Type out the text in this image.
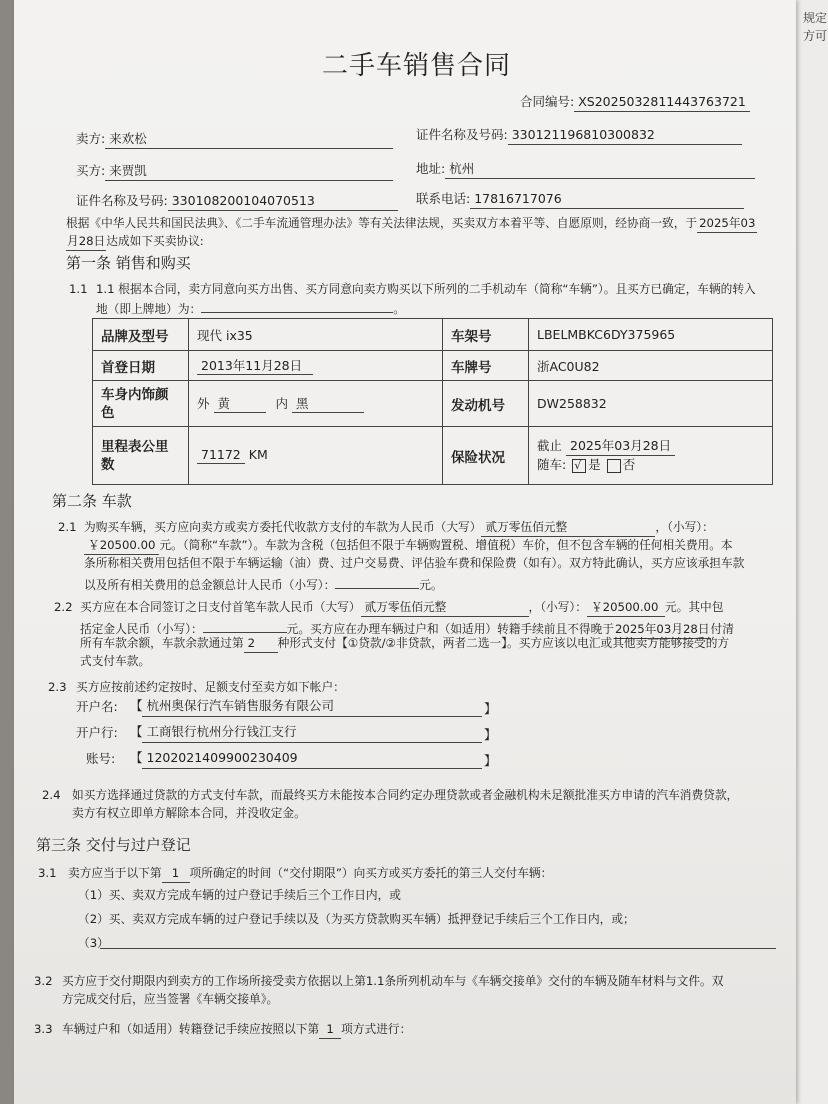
规定
方可
二手车销售合同
合同编号: XS2025032811443763721
卖方: 来欢松	证件名称及号码: 330121196810300832
买方: 来贾凯	地址: 杭州
证件名称及号码: 330108200104070513	联系电话: 17816717076
根据《中华人民共和国民法典》、《二手车流通管理办法》等有关法律法规，买卖双方本着平等、自愿原则，经协商一致，于 2025年03
月28日达成如下买卖协议:
第一条 销售和购买
1.1 1.1 根据本合同，卖方同意向买方出售、买方同意向卖方购买以下所列的二手机动车（简称“车辆”）。且买方已确定，车辆的转入
地（即上牌地）为：	。
品牌及型号	现代 ix35	车架号	LBELMBKC6DY375965
首登日期	2013年11月28日	车牌号	浙AC0U82
车身内饰颜色	外 黄 内 黑	发动机号	DW258832
里程表公里数	71172 KM	保险状况	截止 2025年03月28日
随车: √ 是 否
第二条 车款
2.1 为购买车辆，买方应向卖方或卖方委托代收款方支付的车款为人民币（大写） 贰万零伍佰元整	，（小写）：
￥20500.00 元。（简称“车款”）。车款为含税（包括但不限于车辆购置税、增值税）车价，但不包含车辆的任何相关费用。本
条所称相关费用包括但不限于车辆运输（油）费、过户交易费、评估验车费和保险费（如有）。双方特此确认，买方应该承担车款
以及所有相关费用的总金额总计人民币（小写）：	元。
2.2 买方应在本合同签订之日支付首笔车款人民币（大写） 贰万零伍佰元整	，（小写）： ￥20500.00 元。其中包
括定金人民币（小写）：	元。买方应在办理车辆过户和（如适用）转籍手续前且不得晚于2025年03月28日付清
所有车款余额，车款余款通过第 2 种形式支付【①贷款/②非贷款，两者二选一】。买方应该以电汇或其他卖方能够接受的方
式支付车款。
2.3 买方应按前述约定按时、足额支付至卖方如下帐户：
开户名: 【 杭州奥保行汽车销售服务有限公司	】
开户行: 【 工商银行杭州分行钱江支行	】
账号: 【 1202021409900230409	】
2.4 如买方选择通过贷款的方式支付车款，而最终买方未能按本合同约定办理贷款或者金融机构未足额批准买方申请的汽车消费贷款，
卖方有权立即单方解除本合同，并没收定金。
第三条 交付与过户登记
3.1 卖方应当于以下第 1 项所确定的时间（“交付期限”）向买方或买方委托的第三人交付车辆：
（1）买、卖双方完成车辆的过户登记手续后三个工作日内，或
（2）买、卖双方完成车辆的过户登记手续以及（为买方贷款购买车辆）抵押登记手续后三个工作日内，或；
（3）
3.2 买方应于交付期限内到卖方的工作场所接受卖方依据以上第1.1条所列机动车与《车辆交接单》交付的车辆及随车材料与文件。双
方完成交付后，应当签署《车辆交接单》。
3.3 车辆过户和（如适用）转籍登记手续应按照以下第 1 项方式进行：
